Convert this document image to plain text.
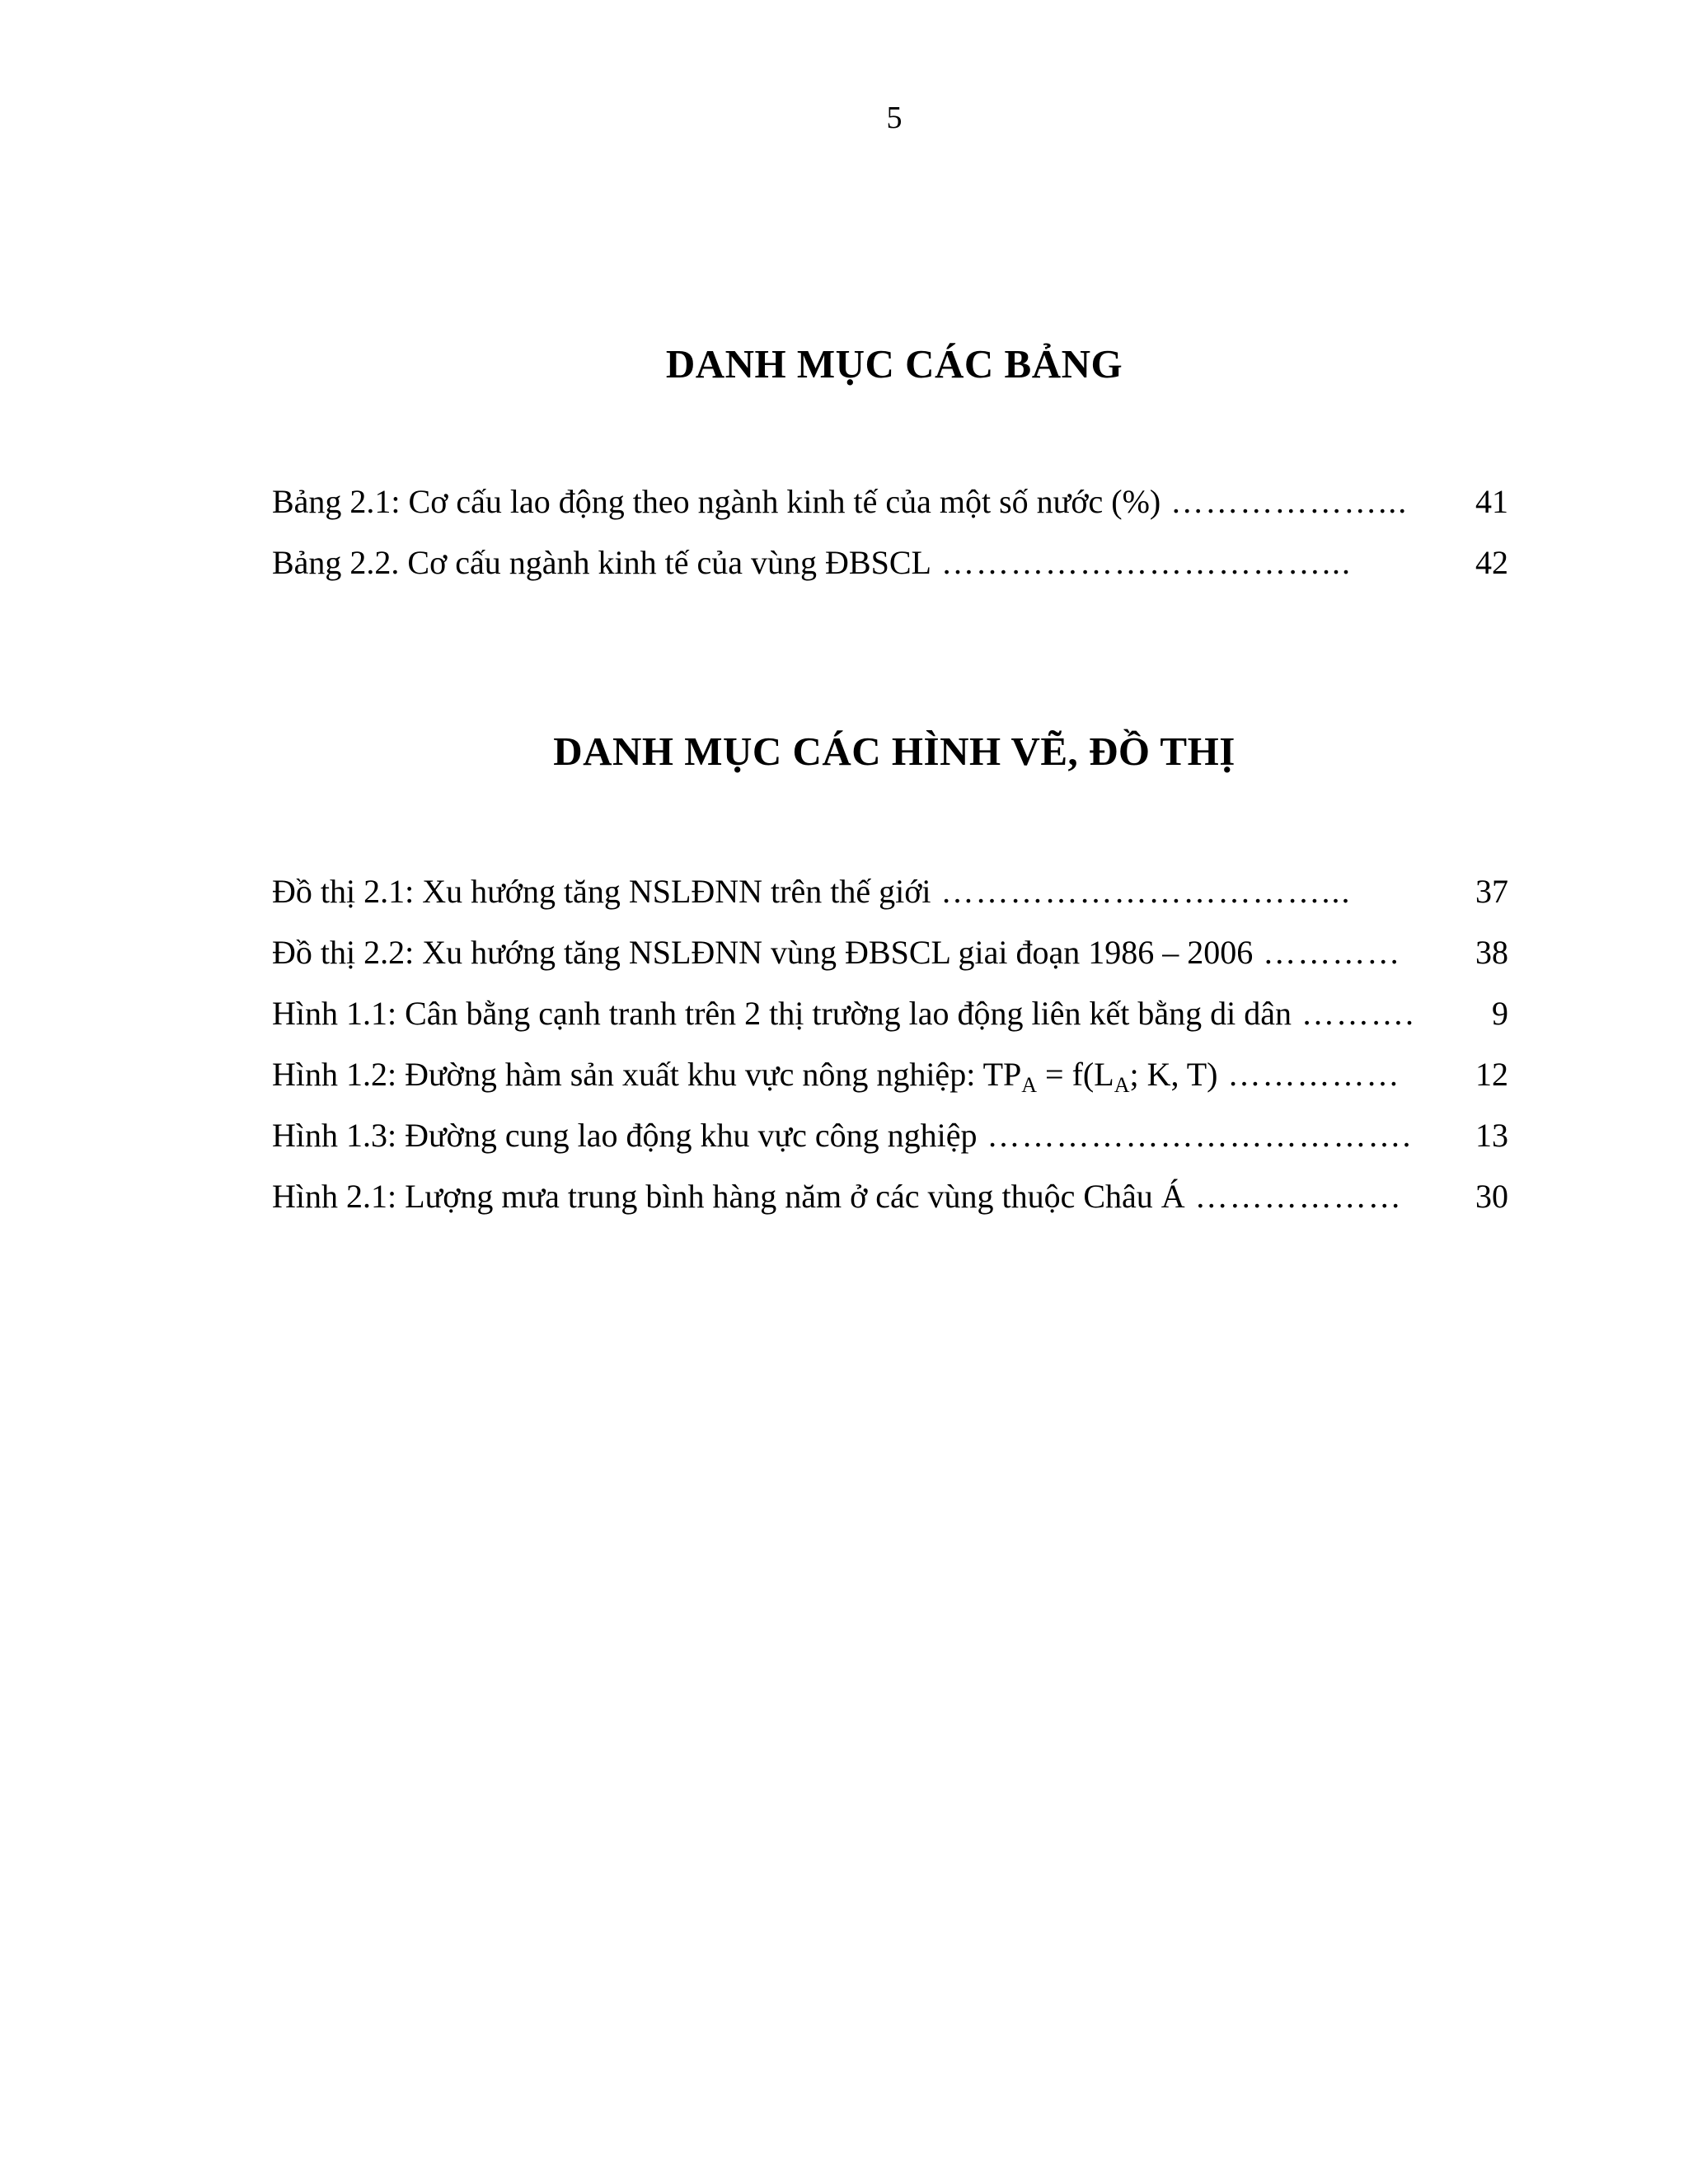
5
DANH MỤC CÁC BẢNG
Bảng 2.1: Cơ cấu lao động theo ngành kinh tế của một số nước (%) ………………...	41
Bảng 2.2. Cơ cấu ngành kinh tế của vùng ĐBSCL ……………………………...	42
DANH MỤC CÁC HÌNH VẼ, ĐỒ THỊ
Đồ thị 2.1: Xu hướng tăng NSLĐNN trên thế giới ……………………………...	37
Đồ thị 2.2: Xu hướng tăng NSLĐNN vùng ĐBSCL giai đoạn 1986 – 2006 …………	38
Hình 1.1: Cân bằng cạnh tranh trên 2 thị trường lao động liên kết bằng di dân ……….	9
Hình 1.2: Đường hàm sản xuất khu vực nông nghiệp: $TP_A = f(L_A$; K, T) ……………	12
Hình 1.3: Đường cung lao động khu vực công nghiệp ……………………………….	13
Hình 2.1: Lượng mưa trung bình hàng năm ở các vùng thuộc Châu Á ………………	30
